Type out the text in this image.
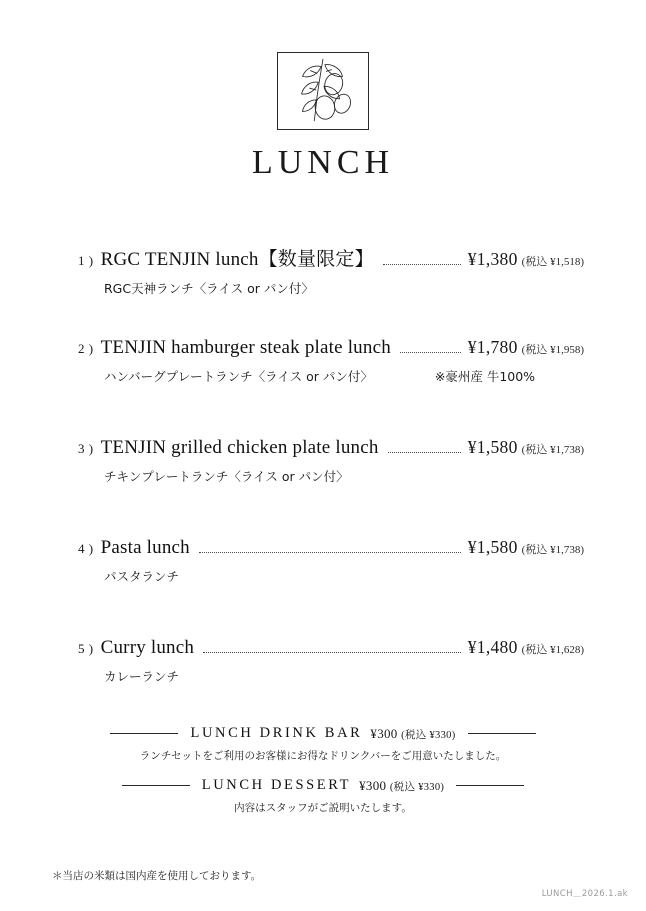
LUNCH
1 ) RGC TENJIN lunch【数量限定】	¥1,380 (税込 ¥1,518)
RGC天神ランチ〈ライス or パン付〉
2 ) TENJIN hamburger steak plate lunch	¥1,780 (税込 ¥1,958)
ハンバーグプレートランチ〈ライス or パン付〉	※豪州産 牛100%
3 ) TENJIN grilled chicken plate lunch	¥1,580 (税込 ¥1,738)
チキンプレートランチ〈ライス or パン付〉
4 ) Pasta lunch	¥1,580 (税込 ¥1,738)
パスタランチ
5 ) Curry lunch	¥1,480 (税込 ¥1,628)
カレーランチ
LUNCH DRINK BAR ¥300 (税込 ¥330)
ランチセットをご利用のお客様にお得なドリンクバーをご用意いたしました。
LUNCH DESSERT ¥300 (税込 ¥330)
内容はスタッフがご説明いたします。
＊当店の米類は国内産を使用しております。
LUNCH＿2026.1.ak
